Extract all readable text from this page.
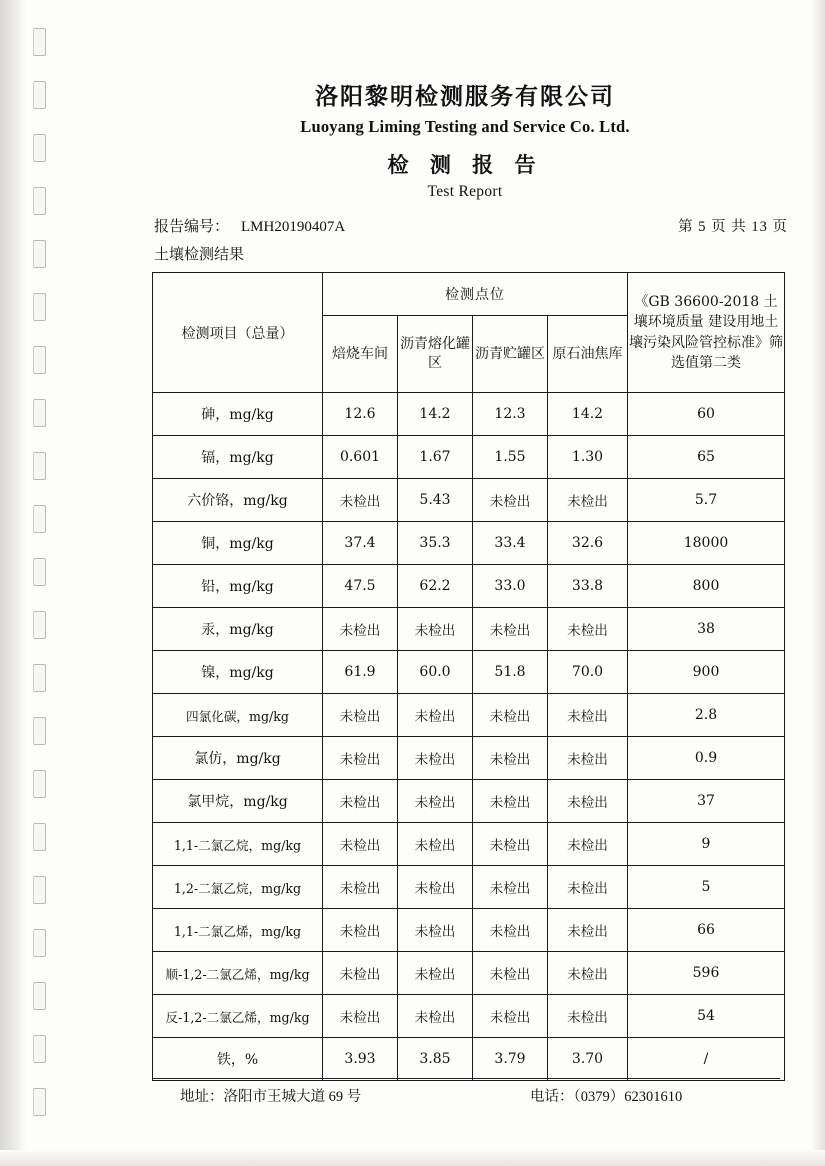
洛阳黎明检测服务有限公司
Luoyang Liming Testing and Service Co. Ltd.
检 测 报 告
Test Report
报告编号： LMH20190407A	第 5 页 共 13 页
土壤检测结果
检测项目（总量）	检测点位				《GB 36600-2018 土壤环境质量 建设用地土壤污染风险管控标准》筛选值第二类
	焙烧车间	沥青熔化罐区	沥青贮罐区	原石油焦库	
砷，mg/kg	12.6	14.2	12.3	14.2	60
镉，mg/kg	0.601	1.67	1.55	1.30	65
六价铬，mg/kg	未检出	5.43	未检出	未检出	5.7
铜，mg/kg	37.4	35.3	33.4	32.6	18000
铅，mg/kg	47.5	62.2	33.0	33.8	800
汞，mg/kg	未检出	未检出	未检出	未检出	38
镍，mg/kg	61.9	60.0	51.8	70.0	900
四氯化碳，mg/kg	未检出	未检出	未检出	未检出	2.8
氯仿，mg/kg	未检出	未检出	未检出	未检出	0.9
氯甲烷，mg/kg	未检出	未检出	未检出	未检出	37
1,1-二氯乙烷，mg/kg	未检出	未检出	未检出	未检出	9
1,2-二氯乙烷，mg/kg	未检出	未检出	未检出	未检出	5
1,1-二氯乙烯，mg/kg	未检出	未检出	未检出	未检出	66
顺-1,2-二氯乙烯，mg/kg	未检出	未检出	未检出	未检出	596
反-1,2-二氯乙烯，mg/kg	未检出	未检出	未检出	未检出	54
铁，%	3.93	3.85	3.79	3.70	/
地址：洛阳市王城大道 69 号	电话：（0379）62301610
